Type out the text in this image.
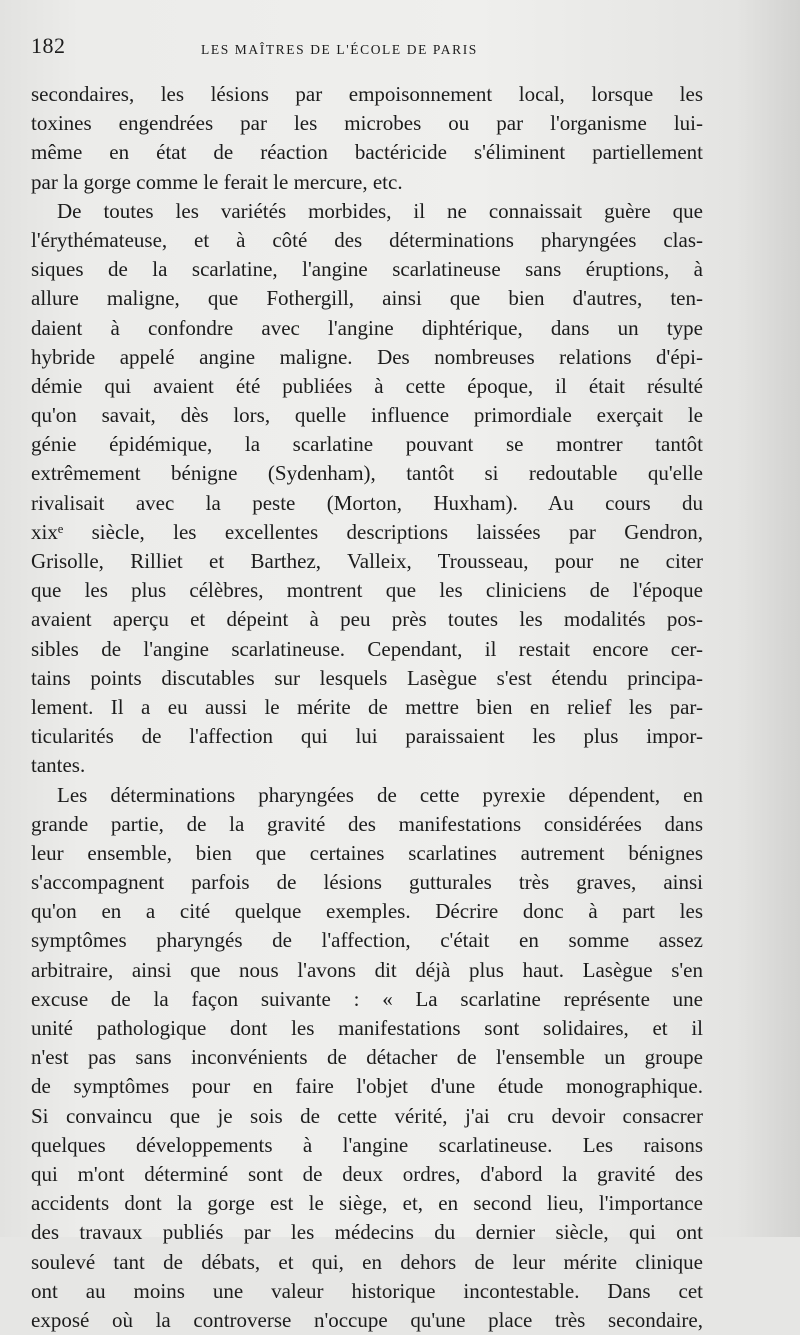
182	LES MAÎTRES DE L'ÉCOLE DE PARIS
secondaires, les lésions par empoisonnement local, lorsque les
toxines engendrées par les microbes ou par l'organisme lui-
même en état de réaction bactéricide s'éliminent partiellement
par la gorge comme le ferait le mercure, etc.
De toutes les variétés morbides, il ne connaissait guère que
l'érythémateuse, et à côté des déterminations pharyngées clas-
siques de la scarlatine, l'angine scarlatineuse sans éruptions, à
allure maligne, que Fothergill, ainsi que bien d'autres, ten-
daient à confondre avec l'angine diphtérique, dans un type
hybride appelé angine maligne. Des nombreuses relations d'épi-
démie qui avaient été publiées à cette époque, il était résulté
qu'on savait, dès lors, quelle influence primordiale exerçait le
génie épidémique, la scarlatine pouvant se montrer tantôt
extrêmement bénigne (Sydenham), tantôt si redoutable qu'elle
rivalisait avec la peste (Morton, Huxham). Au cours du
xixᵉ siècle, les excellentes descriptions laissées par Gendron,
Grisolle, Rilliet et Barthez, Valleix, Trousseau, pour ne citer
que les plus célèbres, montrent que les cliniciens de l'époque
avaient aperçu et dépeint à peu près toutes les modalités pos-
sibles de l'angine scarlatineuse. Cependant, il restait encore cer-
tains points discutables sur lesquels Lasègue s'est étendu principa-
lement. Il a eu aussi le mérite de mettre bien en relief les par-
ticularités de l'affection qui lui paraissaient les plus impor-
tantes.
Les déterminations pharyngées de cette pyrexie dépendent, en
grande partie, de la gravité des manifestations considérées dans
leur ensemble, bien que certaines scarlatines autrement bénignes
s'accompagnent parfois de lésions gutturales très graves, ainsi
qu'on en a cité quelque exemples. Décrire donc à part les
symptômes pharyngés de l'affection, c'était en somme assez
arbitraire, ainsi que nous l'avons dit déjà plus haut. Lasègue s'en
excuse de la façon suivante : « La scarlatine représente une
unité pathologique dont les manifestations sont solidaires, et il
n'est pas sans inconvénients de détacher de l'ensemble un groupe
de symptômes pour en faire l'objet d'une étude monographique.
Si convaincu que je sois de cette vérité, j'ai cru devoir consacrer
quelques développements à l'angine scarlatineuse. Les raisons
qui m'ont déterminé sont de deux ordres, d'abord la gravité des
accidents dont la gorge est le siège, et, en second lieu, l'importance
des travaux publiés par les médecins du dernier siècle, qui ont
soulevé tant de débats, et qui, en dehors de leur mérite clinique
ont au moins une valeur historique incontestable. Dans cet
exposé où la controverse n'occupe qu'une place très secondaire,
